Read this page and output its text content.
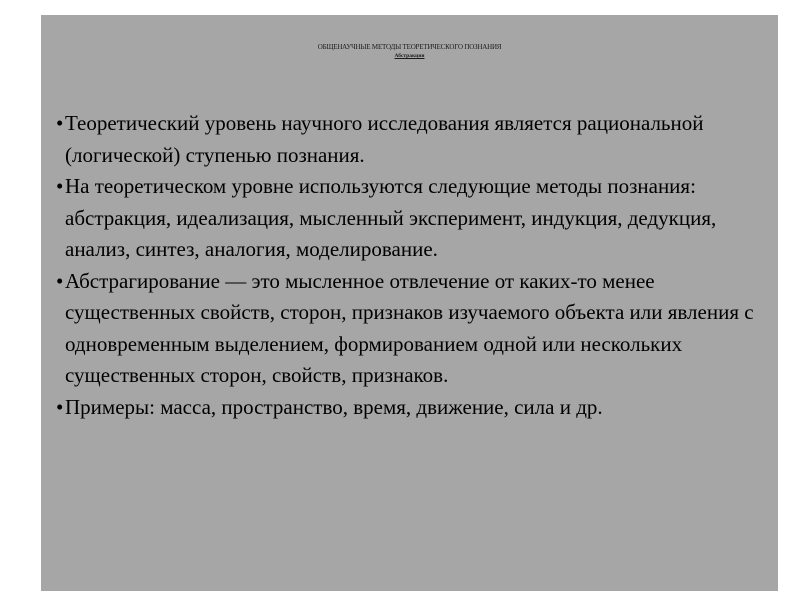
ОБЩЕНАУЧНЫЕ МЕТОДЫ ТЕОРЕТИЧЕСКОГО ПОЗНАНИЯ
Абстракция
• Теоретический уровень научного исследования является рациональной (логической) ступенью познания.
• На теоретическом уровне используются следующие методы познания: абстракция, идеализация, мысленный эксперимент, индукция, дедукция, анализ, синтез, аналогия, моделирование.
• Абстрагирование — это мысленное отвлечение от каких-то менее существенных свойств, сторон, признаков изучаемого объекта или явления с одновременным выделением, формированием одной или нескольких существенных сторон, свойств, признаков.
• Примеры: масса, пространство, время, движение, сила и др.
